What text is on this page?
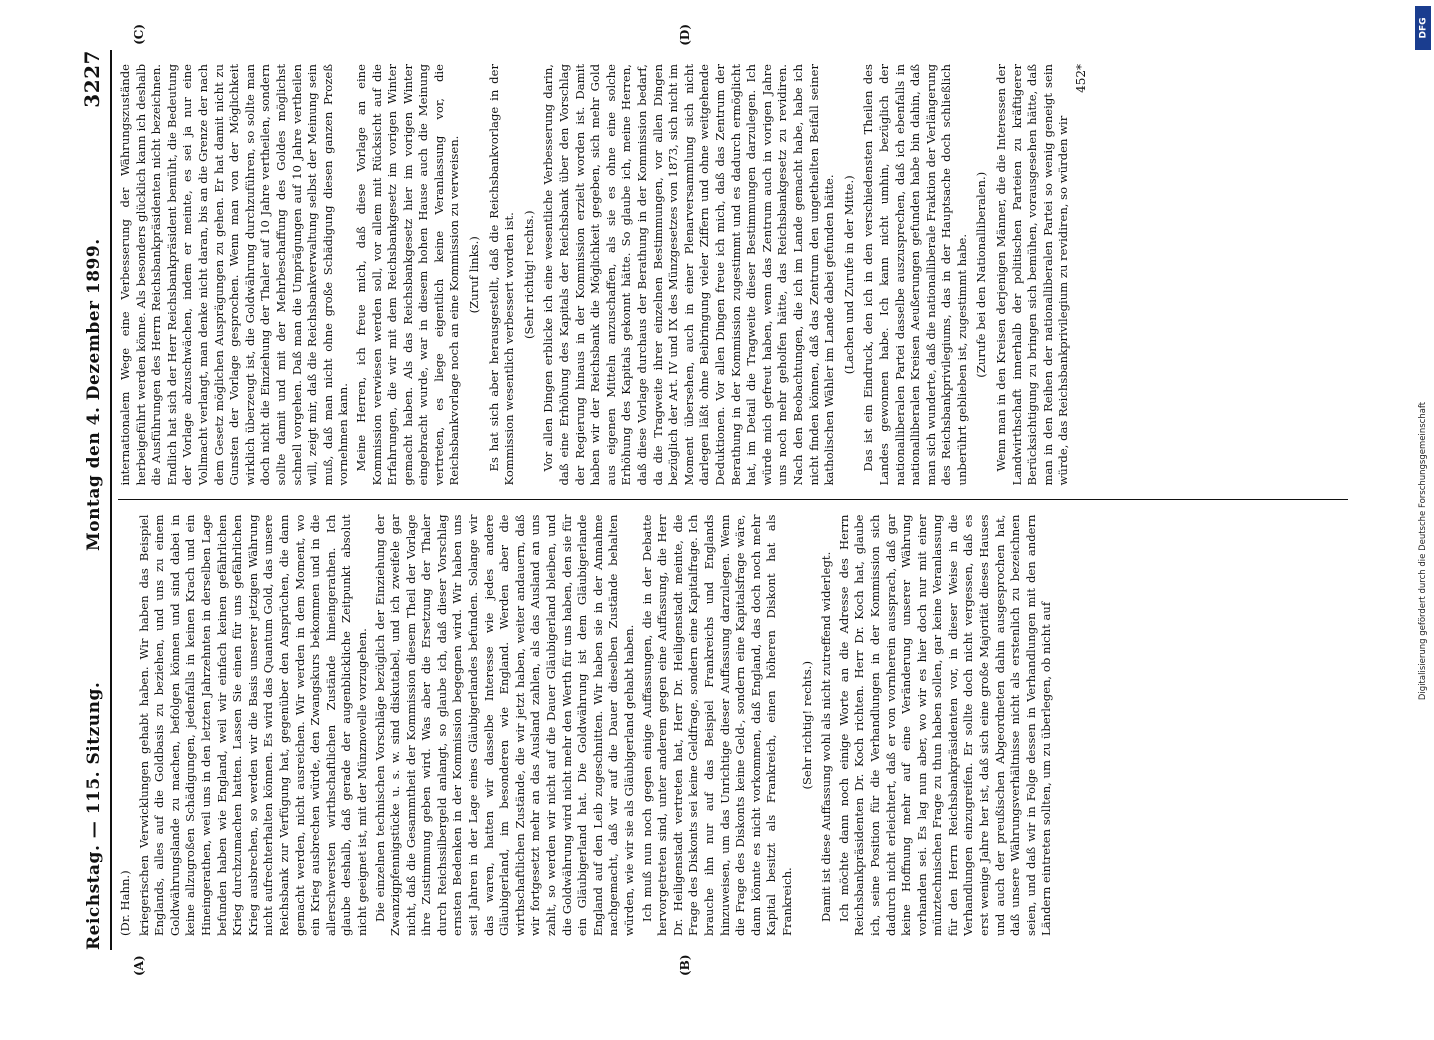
Reichstag. — 115. Sitzung.
Montag den 4. Dezember 1899.
3227
(A)	(B)
(Dr. Hahn.) kriegerischen Verwicklungen gehabt haben. Wir haben das Beispiel Englands, alles auf die Goldbasis zu beziehen, und uns zu einem Goldwährungslande zu machen, befolgen können und sind dabei in keine allzugroßen Schädigungen, jedenfalls in keinen Krach und ein Hineingerathen, weil uns in den letzten Jahrzehnten in derselben Lage befunden haben wie England, weil wir einfach keinen gefährlichen Krieg durchzumachen hatten. Lassen Sie einen für uns gefährlichen Krieg ausbrechen, so werden wir die Basis unserer jetzigen Währung nicht aufrechterhalten können. Es wird das Quantum Gold, das unsere Reichsbank zur Verfügung hat, gegenüber den Ansprüchen, die dann gemacht werden, nicht ausreichen. Wir werden in dem Moment, wo ein Krieg ausbrechen würde, den Zwangskurs bekommen und in die allerschwersten wirthschaftlichen Zustände hineingerathen. Ich glaube deshalb, daß gerade der augenblickliche Zeitpunkt absolut nicht geeignet ist, mit der Münznovelle vorzugehen. Die einzelnen technischen Vorschläge bezüglich der Einziehung der Zwanzigpfennigstücke u. s. w. sind diskutabel, und ich zweifele gar nicht, daß die Gesammtheit der Kommission diesem Theil der Vorlage ihre Zustimmung geben wird. Was aber die Ersetzung der Thaler durch Reichssilbergeld anlangt, so glaube ich, daß dieser Vorschlag ernsten Bedenken in der Kommission begegnen wird. Wir haben uns seit Jahren in der Lage eines Gläubigerlandes befunden. Solange wir das waren, hatten wir dasselbe Interesse wie jedes andere Gläubigerland, im besonderen wie England. Werden aber die wirthschaftlichen Zustände, die wir jetzt haben, weiter andauern, daß wir fortgesetzt mehr an das Ausland zahlen, als das Ausland an uns zahlt, so werden wir nicht auf die Dauer Gläubigerland bleiben, und die Goldwährung wird nicht mehr den Werth für uns haben, den sie für ein Gläubigerland hat. Die Goldwährung ist dem Gläubigerlande England auf den Leib zugeschnitten. Wir haben sie in der Annahme nachgemacht, daß wir auf die Dauer dieselben Zustände behalten würden, wie wir sie als Gläubigerland gehabt haben. Ich muß nun noch gegen einige Auffassungen, die in der Debatte hervorgetreten sind, unter anderem gegen eine Auffassung, die Herr Dr. Heiligenstadt vertreten hat, Herr Dr. Heiligenstadt meinte, die Frage des Diskonts sei keine Geldfrage, sondern eine Kapitalfrage. Ich brauche ihn nur auf das Beispiel Frankreichs und Englands hinzuweisen, um das Unrichtige dieser Auffassung darzulegen. Wenn die Frage des Diskonts keine Geld-, sondern eine Kapitalsfrage wäre, dann könnte es nicht vorkommen, daß England, das doch noch mehr Kapital besitzt als Frankreich, einen höheren Diskont hat als Frankreich.

(Sehr richtig! rechts.) Damit ist diese Auffassung wohl als nicht zutreffend widerlegt. Ich möchte dann noch einige Worte an die Adresse des Herrn Reichsbankpräsidenten Dr. Koch richten. Herr Dr. Koch hat, glaube ich, seine Position für die Verhandlungen in der Kommission sich dadurch nicht erleichtert, daß er von vornherein aussprach, daß gar keine Hoffnung mehr auf eine Veränderung unserer Währung vorhanden sei. Es lag nun aber, wo wir es hier doch nur mit einer münztechnischen Frage zu thun haben sollen, gar keine Veranlassung für den Herrn Reichsbankpräsidenten vor, in dieser Weise in die Verhandlungen einzugreifen. Er sollte doch nicht vergessen, daß es erst wenige Jahre her ist, daß sich eine große Majorität dieses Hauses und auch der preußischen Abgeordneten dahin ausgesprochen hat, daß unsere Währungsverhältnisse nicht als erstenlich zu bezeichnen seien, und daß wir in Folge dessen in Verhandlungen mit den andern Ländern eintreten sollten, um zu überlegen, ob nicht auf

(C)	(D)

internationalem Wege eine Verbesserung der Währungszustände herbeigeführt werden könne. Als besonders glücklich kann ich deshalb die Ausführungen des Herrn Reichsbankpräsidenten nicht bezeichnen. Endlich hat sich der Herr Reichsbankpräsident bemüht, die Bedeutung der Vorlage abzuschwächen, indem er meinte, es sei ja nur eine Vollmacht verlangt, man denke nicht daran, bis an die Grenze der nach dem Gesetz möglichen Ausprägungen zu gehen. Er hat damit nicht zu Gunsten der Vorlage gesprochen. Wenn man von der Möglichkeit wirklich überzeugt ist, die Goldwährung durchzuführen, so sollte man doch nicht die Einziehung der Thaler auf 10 Jahre vertheilen, sondern sollte damit und mit der Mehrbeschaffung des Goldes möglichst schnell vorgehen. Daß man die Umprägungen auf 10 Jahre vertheilen will, zeigt mir, daß die Reichsbankverwaltung selbst der Meinung sein muß, daß man nicht ohne große Schädigung diesen ganzen Prozeß vornehmen kann. Meine Herren, ich freue mich, daß diese Vorlage an eine Kommission verwiesen werden soll, vor allem mit Rücksicht auf die Erfahrungen, die wir mit dem Reichsbankgesetz im vorigen Winter gemacht haben. Als das Reichsbankgesetz hier im vorigen Winter eingebracht wurde, war in diesem hohen Hause auch die Meinung vertreten, es liege eigentlich keine Veranlassung vor, die Reichsbankvorlage noch an eine Kommission zu verweisen. (Zuruf links.) Es hat sich aber herausgestellt, daß die Reichsbankvorlage in der Kommission wesentlich verbessert worden ist. (Sehr richtig! rechts.) Vor allen Dingen erblicke ich eine wesentliche Verbesserung darin, daß eine Erhöhung des Kapitals der Reichsbank über den Vorschlag der Regierung hinaus in der Kommission erzielt worden ist. Damit haben wir der Reichsbank die Möglichkeit gegeben, sich mehr Gold aus eigenen Mitteln anzuschaffen, als sie es ohne eine solche Erhöhung des Kapitals gekonnt hätte. So glaube ich, meine Herren, daß diese Vorlage durchaus der Berathung in der Kommission bedarf, da die Tragweite ihrer einzelnen Bestimmungen, vor allen Dingen bezüglich der Art. IV und IX des Münzgesetzes von 1873, sich nicht im Moment übersehen, auch in einer Plenarversammlung sich nicht darlegen läßt ohne Beibringung vieler Ziffern und ohne weitgehende Deduktionen. Vor allen Dingen freue ich mich, daß das Zentrum der Berathung in der Kommission zugestimmt und es dadurch ermöglicht hat, im Detail die Tragweite dieser Bestimmungen darzulegen. Ich würde mich gefreut haben, wenn das Zentrum auch in vorigen Jahre uns noch mehr geholfen hätte, das Reichsbankgesetz zu revidiren. Nach den Beobachtungen, die ich im Lande gemacht habe, habe ich nicht finden können, daß das Zentrum den ungetheilten Beifall seiner katholischen Wähler im Lande dabei gefunden hätte. (Lachen und Zurufe in der Mitte.) Das ist ein Eindruck, den ich in den verschiedensten Theilen des Landes gewonnen habe. Ich kann nicht umhin, bezüglich der nationalliberalen Partei dasselbe auszusprechen, daß ich ebenfalls in nationalliberalen Kreisen Aeußerungen gefunden habe bin dahin, daß man sich wunderte, daß die nationalliberale Fraktion der Verlängerung des Reichsbankprivilegiums, das in der Hauptsache doch schließlich unberührt geblieben ist, zugestimmt habe. (Zurufe bei den Nationalliberalen.) Wenn man in den Kreisen derjenigen Männer, die die Interessen der Landwirthschaft innerhalb der politischen Parteien zu kräftigerer Berücksichtigung zu bringen sich bemühen, vorausgesehen hätte, daß man in den Reihen der nationalliberalen Partei so wenig geneigt sein würde, das Reichsbankprivilegium zu revidiren, so würden wir

452*
DFG
Digitalisierung gefördert durch die Deutsche Forschungsgemeinschaft
